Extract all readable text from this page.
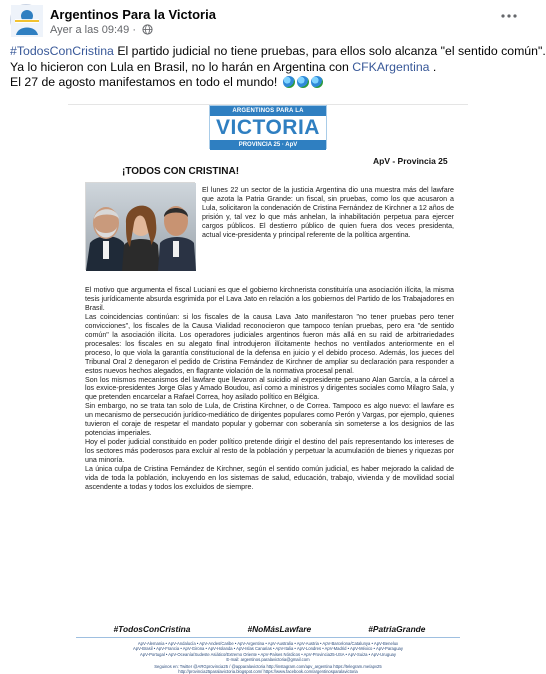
Argentinos Para la Victoria
Ayer a las 09:49 ·

#TodosConCristina El partido judicial no tiene pruebas, para ellos solo alcanza "el sentido común".

Ya lo hicieron con Lula en Brasil, no lo harán en Argentina con CFKArgentina .

El 27 de agosto manifestamos en todo el mundo!

ARGENTINOS PARA LA
VICTORIA
PROVINCIA 25 · ApV
ApV - Provincia 25
¡TODOS CON CRISTINA!
El lunes 22 un sector de la justicia Argentina dio una muestra más del lawfare que azota la Patria Grande: un fiscal, sin pruebas, como los que acusaron a Lula, solicitaron la condenación de Cristina Fernández de Kirchner a 12 años de prisión y, tal vez lo que más anhelan, la inhabilitación perpetua para ejercer cargos públicos. El destierro público de quien fuera dos veces presidenta, actual vice-presidenta y principal referente de la política argentina.

El motivo que argumenta el fiscal Luciani es que el gobierno kirchnerista constituiría una asociación ilícita, la misma tesis jurídicamente absurda esgrimida por el Lava Jato en relación a los gobiernos del Partido de los Trabajadores en Brasil.

Las coincidencias continúan: si los fiscales de la causa Lava Jato manifestaron "no tener pruebas pero tener convicciones", los fiscales de la Causa Vialidad reconocieron que tampoco tenían pruebas, pero era "de sentido común" la asociación ilícita. Los operadores judiciales argentinos fueron más allá en su raid de arbitrariedades procesales: los fiscales en su alegato final introdujeron ilícitamente hechos no ventilados anteriormente en el proceso, lo que viola la garantía constitucional de la defensa en juicio y el debido proceso. Además, los jueces del Tribunal Oral 2 denegaron el pedido de Cristina Fernández de Kirchner de ampliar su declaración para responder a estos nuevos hechos alegados, en flagrante violación de la normativa procesal penal.

Son los mismos mecanismos del lawfare que llevaron al suicidio al expresidente peruano Alan García, a la cárcel a los exvice-presidentes Jorge Glas y Amado Boudou, así como a ministros y dirigentes sociales como Milagro Sala, y que pretenden encarcelar a Rafael Correa, hoy asilado político en Bélgica.

Sin embargo, no se trata tan solo de Lula, de Cristina Kirchner, o de Correa. Tampoco es algo nuevo: el lawfare es un mecanismo de persecución jurídico-mediático de dirigentes populares como Perón y Vargas, por ejemplo, quienes tuvieron el coraje de respetar el mandato popular y gobernar con soberanía sin someterse a los designios de las potencias imperiales.

Hoy el poder judicial constituido en poder político pretende dirigir el destino del país representando los intereses de los sectores más poderosos para excluir al resto de la población y perpetuar la acumulación de bienes y riquezas por una minoría.

La única culpa de Cristina Fernández de Kirchner, según el sentido común judicial, es haber mejorado la calidad de vida de toda la población, incluyendo en los sistemas de salud, educación, trabajo, vivienda y de movilidad social ascendente a todas y todos los excluidos de siempre.

#TodosConCristina	#NoMásLawfare	#PatriaGrande
ApV-Alemania • ApV-Andalucía • ApV-Andes/Caribe • ApV-Argentina • ApV-Australia • ApV-Austria • ApV-Barcelona/Catalunya • ApV-Benelux
ApV-Brasil • ApV-Francia • ApV-Girona • ApV-Holanda • ApV-Islas Canarias • ApV-Italia • ApV-Londres • ApV-Madrid • ApV-México • ApV-Paraguay
ApV-Portugal • ApV-Oceanía/Sudeste Asiático/Extremo Oriente • ApV-Países Nórdicos • ApV-Provincia25-USA • ApV-Suiza • ApV-Uruguay
E-mail: argentinos.paralavictoria@gmail.com
Seguinos en: Twitter @ARGprovincia25 / @apparalavictoria http://instagram.com/apv_argentina https://telegram.me/apv25
http://provincia25paralavictoria.blogspot.com/ https://www.facebook.com/argentinosparalavictoria
